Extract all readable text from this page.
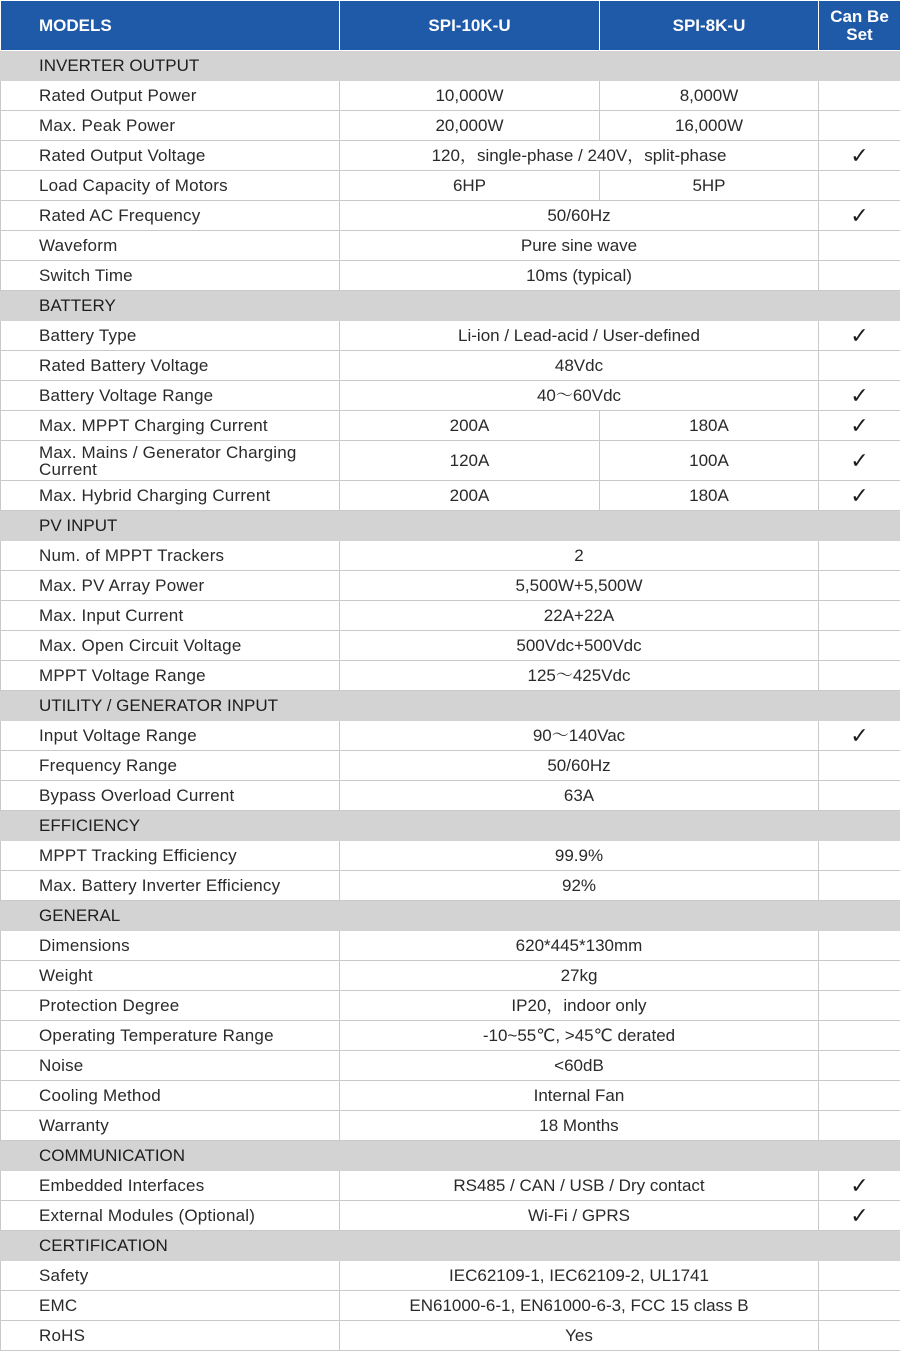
MODELS	SPI-10K-U	SPI-8K-U	Can Be Set
INVERTER OUTPUT			
Rated Output Power	10,000W	8,000W	
Max. Peak Power	20,000W	16,000W	
Rated Output Voltage	120，single-phase / 240V，split-phase		✓
Load Capacity of Motors	6HP	5HP	
Rated AC Frequency	50/60Hz		✓
Waveform	Pure sine wave		
Switch Time	10ms (typical)		
BATTERY			
Battery Type	Li-ion / Lead-acid / User-defined		✓
Rated Battery Voltage	48Vdc		
Battery Voltage Range	40～60Vdc		✓
Max. MPPT Charging Current	200A	180A	✓
Max. Mains / Generator Charging Current	120A	100A	✓
Max. Hybrid Charging Current	200A	180A	✓
PV INPUT			
Num. of MPPT Trackers	2		
Max. PV Array Power	5,500W+5,500W		
Max. Input Current	22A+22A		
Max. Open Circuit Voltage	500Vdc+500Vdc		
MPPT Voltage Range	125～425Vdc		
UTILITY / GENERATOR INPUT			
Input Voltage Range	90～140Vac		✓
Frequency Range	50/60Hz		
Bypass Overload Current	63A		
EFFICIENCY			
MPPT Tracking Efficiency	99.9%		
Max. Battery Inverter Efficiency	92%		
GENERAL			
Dimensions	620*445*130mm		
Weight	27kg		
Protection Degree	IP20，indoor only		
Operating Temperature Range	-10~55℃, >45℃ derated		
Noise	<60dB		
Cooling Method	Internal Fan		
Warranty	18 Months		
COMMUNICATION			
Embedded Interfaces	RS485 / CAN / USB / Dry contact		✓
External Modules (Optional)	Wi-Fi / GPRS		✓
CERTIFICATION			
Safety	IEC62109-1, IEC62109-2, UL1741		
EMC	EN61000-6-1, EN61000-6-3, FCC 15 class B		
RoHS	Yes		
